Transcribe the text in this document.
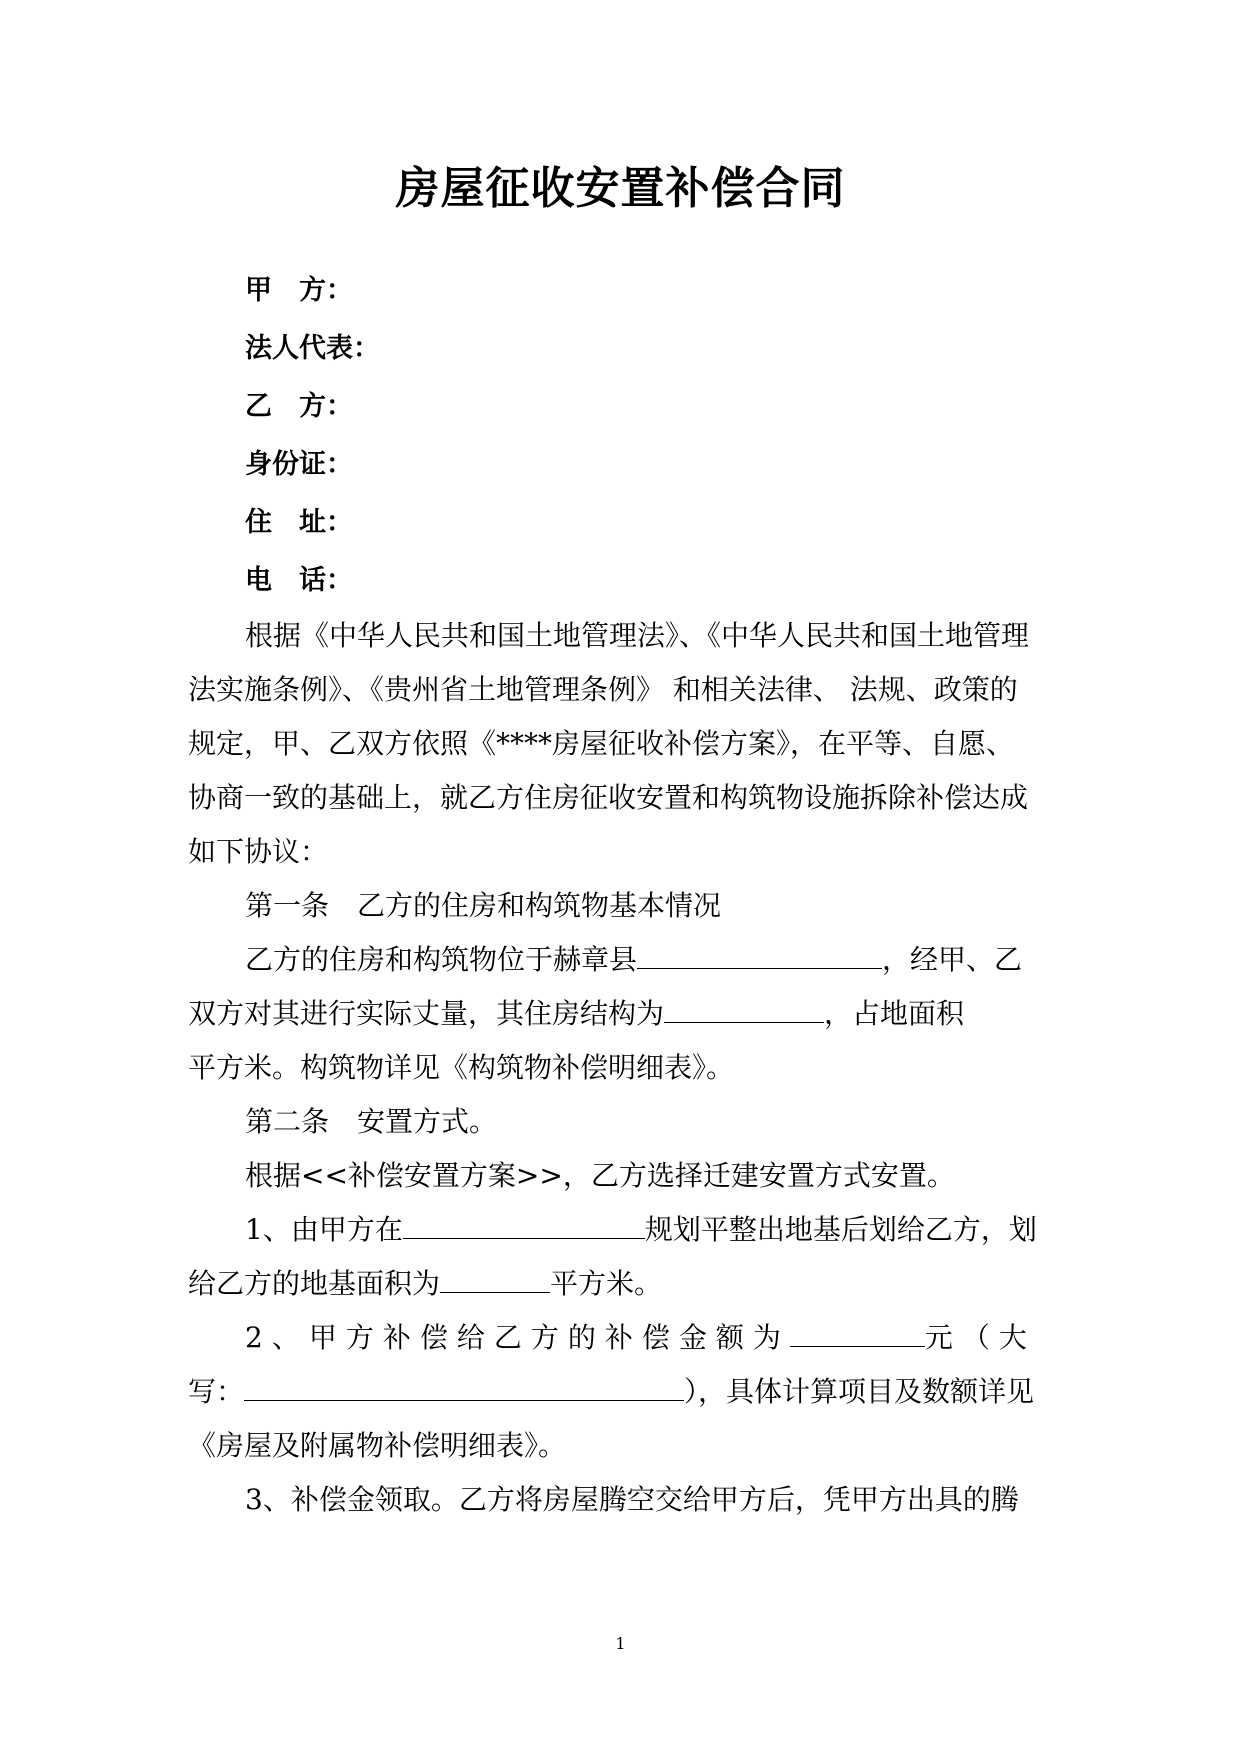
房屋征收安置补偿合同
甲　方：
法人代表：
乙　方：
身份证：
住　址：
电　话：
根据《中华人民共和国土地管理法》、《中华人民共和国土地管理
法实施条例》、《贵州省土地管理条例》 和相关法律、 法规、政策的
规定，甲、乙双方依照《****房屋征收补偿方案》，在平等、自愿、
协商一致的基础上，就乙方住房征收安置和构筑物设施拆除补偿达成
如下协议：
第一条　乙方的住房和构筑物基本情况
乙方的住房和构筑物位于赫章县	，经甲、乙
双方对其进行实际丈量，其住房结构为	，占地面积
平方米。构筑物详见《构筑物补偿明细表》。
第二条　安置方式。
根据<<补偿安置方案>>，乙方选择迁建安置方式安置。
1、由甲方在	规划平整出地基后划给乙方，划
给乙方的地基面积为	平方米。
2、甲方补偿给乙方的补偿金额为	元（大
写：	），具体计算项目及数额详见
《房屋及附属物补偿明细表》。
3、补偿金领取。乙方将房屋腾空交给甲方后，凭甲方出具的腾
1
